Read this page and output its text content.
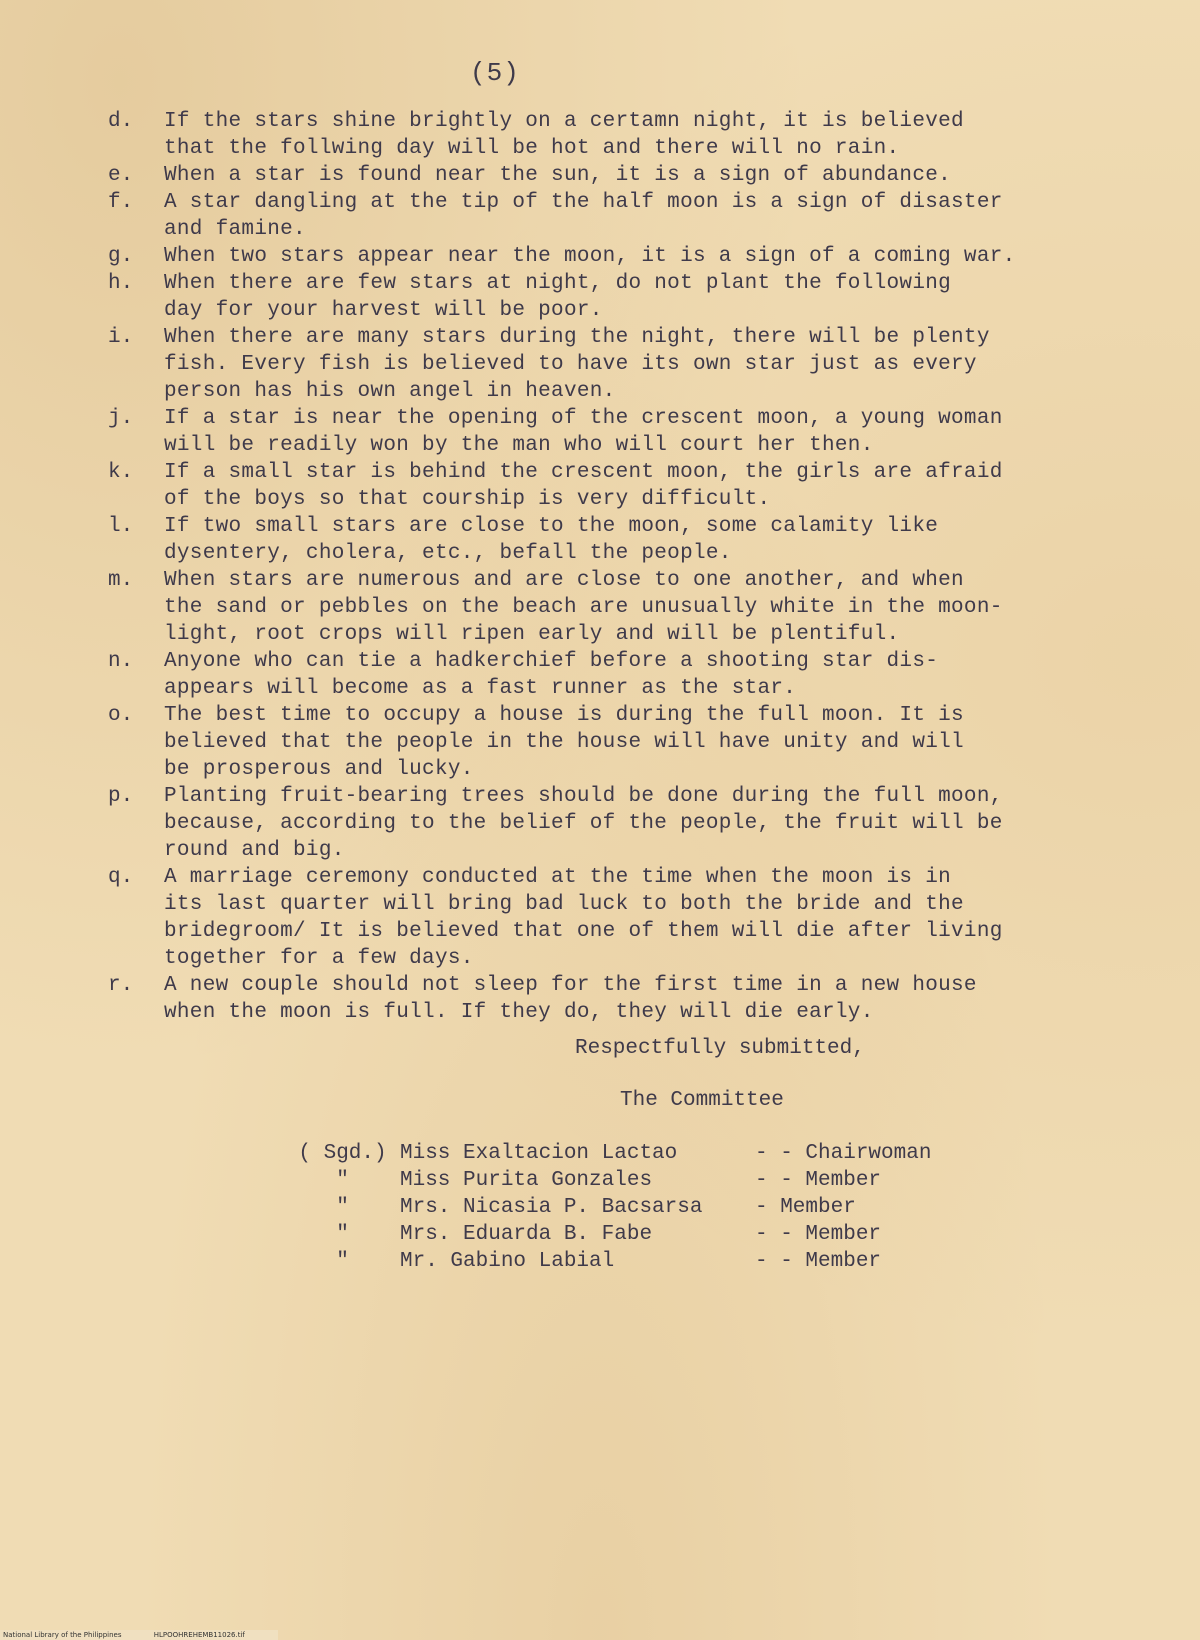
(5)
d.	If the stars shine brightly on a certamn night, it is believed
that the follwing day will be hot and there will no rain.
e.	When a star is found near the sun, it is a sign of abundance.
f.	A star dangling at the tip of the half moon is a sign of disaster
and famine.
g.	When two stars appear near the moon, it is a sign of a coming war.
h.	When there are few stars at night, do not plant the following
day for your harvest will be poor.
i.	When there are many stars during the night, there will be plenty
fish. Every fish is believed to have its own star just as every
person has his own angel in heaven.
j.	If a star is near the opening of the crescent moon, a young woman
will be readily won by the man who will court her then.
k.	If a small star is behind the crescent moon, the girls are afraid
of the boys so that courship is very difficult.
l.	If two small stars are close to the moon, some calamity like
dysentery, cholera, etc., befall the people.
m.	When stars are numerous and are close to one another, and when
the sand or pebbles on the beach are unusually white in the moon-
light, root crops will ripen early and will be plentiful.
n.	Anyone who can tie a hadkerchief before a shooting star dis-
appears will become as a fast runner as the star.
o.	The best time to occupy a house is during the full moon. It is
believed that the people in the house will have unity and will
be prosperous and lucky.
p.	Planting fruit-bearing trees should be done during the full moon,
because, according to the belief of the people, the fruit will be
round and big.
q.	A marriage ceremony conducted at the time when the moon is in
its last quarter will bring bad luck to both the bride and the
bridegroom/ It is believed that one of them will die after living
together for a few days.
r.	A new couple should not sleep for the first time in a new house
when the moon is full. If they do, they will die early.
Respectfully submitted,
The Committee
( Sgd.) Miss Exaltacion Lactao	- - Chairwoman
"	Miss Purita Gonzales	- - Member
"	Mrs. Nicasia P. Bacsarsa	- Member
"	Mrs. Eduarda B. Fabe	- - Member
"	Mr. Gabino Labial	- - Member
National Library of the Philippines	HLPOOHREHEMB11026.tif
